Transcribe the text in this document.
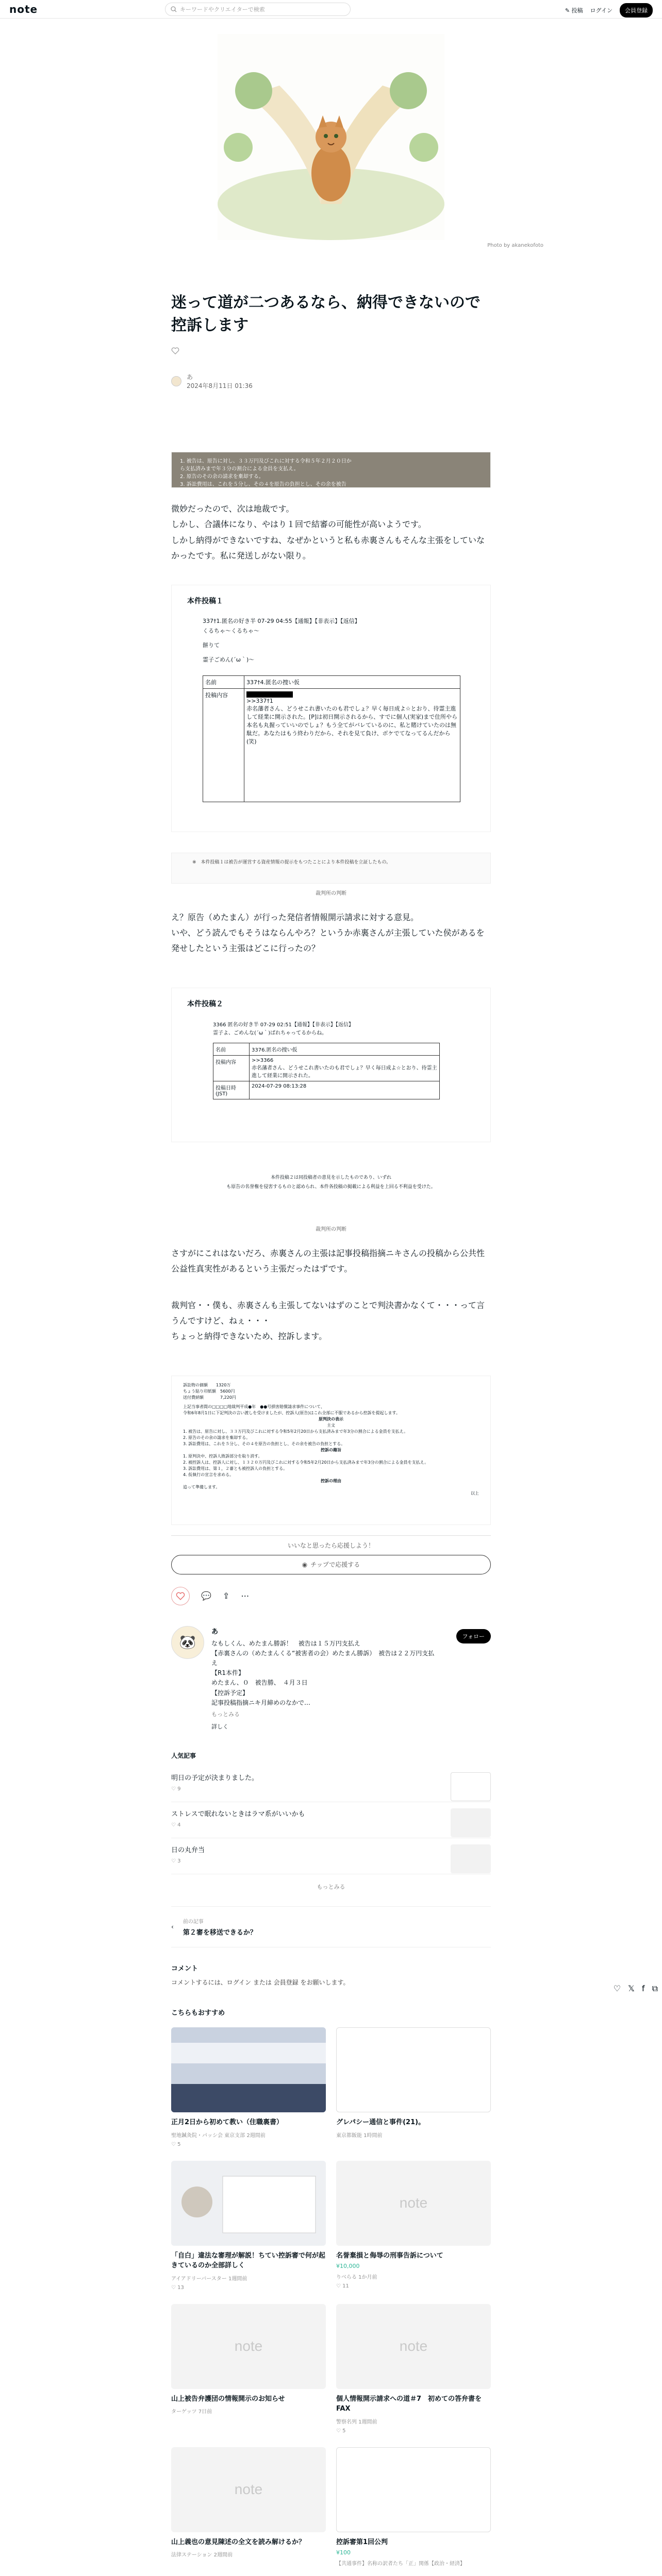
note	キーワードやクリエイターで検索	✎ 投稿 ログイン	会員登録
Photo by akanekofoto
迷って道が二つあるなら、納得できないので控訴します
あ
2024年8月11日 01:36
1. 被告は、原告に対し、３３万円及びこれに対する令和５年２月２０日か
ら支払済みまで年３分の割合による金員を支払え。
2. 原告のその余の請求を棄却する。
3. 訴訟費用は、これを５分し、その４を原告の負担とし、その余を被告

微妙だったので、次は地裁です。
しかし、合議体になり、やはり１回で結審の可能性が高いようです。
しかし納得ができないですね、なぜかというと私も赤裏さんもそんな主張をしていなかったです。私に発送しがない限り。

本件投稿１
337†1.匿名の好き半 07-29 04:55【通報】【非表示】【返信】
くるちゃ～くるちゃ～
餅りて
霊子ごめん(´ω｀)～
名前	337†4.匿名の捜い仮
投稿内容	>>337†1
赤名藩者さん、どうせこれ書いたのも君でしょ？早く毎日成よ☆とおり、待霊主進して経業に開示された。[P]は初日開示されるから、すでに個人(実家)まで住所やら本名も丸握っていいのでしょ？もう全てがバレているのに、私と賭けていたのは無駄だ。あなたはもう終わりだから、それを見て負け、ボケでてなってるんだから(笑)
※　本件投稿１は被告が運営する資産情報の提示をもつたことにより本件投稿を立証したもの。
裁判所の判断

え？原告（めたまん）が行った発信者情報開示請求に対する意見。
いや、どう読んでもそうはならんやろ？というか赤裏さんが主張していた侯があるを発せしたという主張はどこに行ったの？

本件投稿２
3366 匿名の好き半 07-29 02:51【通報】【非表示】【返信】
霊子よ、ごめんな(´ω｀)ばれちゃってるからね。
名前	3376.匿名の捜い仮
投稿内容	>>3366
赤名藩者さん、どうせこれ書いたのも君でしょ？早く毎日成よ☆とおり、待霊主進して経業に開示された。
投稿日時(JST)	2024-07-29 08:13:28
本件投稿２は同投稿者の意見を示したものであり、いずれ
も原告の名誉権を侵害するものと認められ、本件各投稿の掲載による利益を上回る不利益を受けた。
裁判所の判断

さすがにこれはないだろ、赤裏さんの主張は記事投稿指摘ニキさんの投稿から公共性公益性真実性があるという主張だったはずです。

裁判官・・僕も、赤裏さんも主張してないはずのことで判決書かなくて・・・って言うんですけど、ねぇ・・・
ちょっと納得できないため、控訴します。

訴訟物の価額　　1320万
ちょう貼り印紙額　5600円
送付費納額　　　　7,220円
上記当事者間の□□□□地裁判平成●年　●●号損害賠償請求事件について、
令和6年8月1日に下記判決の言い渡しを受けましたが、控訴人(原告)はこれ全部に不服であるから控訴を提起します。
原判決の表示
主文
1. 被告は、原告に対し、３３万円及びこれに対する令和5年2月20日から支払済みまで年3分の割合による金員を支払え。
2. 原告のその余の請求を棄却する。
3. 訴訟費用は、これを５分し、その４を原告の負担とし、その余を被告の負担とする。
控訴の趣旨
1. 原判決中、控訴人敗訴部分を取り消す。
2. 被控訴人は、控訴人に対し、１３２０万円及びこれに対する令和5年2月20日から支払済みまで年3分の割合による金員を支払え。
3. 訴訟費用は、第１，２審とも被控訴人の負担とする。
4. 仮執行の宣言を求める。
控訴の理由
追って準備します。
以上
いいなと思ったら応援しよう！
◉ チップで応援する
💬 ⇪ ⋯
🐼
あ
なもしくん、めたまん勝訴！　被告は１５万円支払え
【赤裏さんの（めたまんくる“被害者の会）めたまん勝訴）　被告は２２万円支払え
【R1本件】
めたまん、０　被告勝、　４月３日
【控訴予定】
記事投稿指摘ニキ月締めのなかで…
もっとみる
詳しく
フォロー
人気記事
明日の予定が決まりました。
♡ 9
ストレスで眠れないときはラマ系がいいかも
♡ 4
日の丸弁当
♡ 3
もっとみる
‹
前の記事
第２審を移送できるか？
コメント

コメントするには、ログイン または 会員登録 をお願いします。

こちらもおすすめ
正月2日から初めて教い（住職裏書）
聖地鍼灸院・パッシ会 東京支部 2週間前
♡ 5
グレパシー通信と事件(21)。
東京都飯能 1時間前
「自白」違法な審理が解説！ちてい控訴審で何が起きているのか全部詳しく
アイアドリーバースター 1週間前
♡ 13
note
名誉棄損と侮辱の刑事告訴について
¥10,000
りべらる 1か月前
♡ 11
note
山上被告弁護団の情報開示のお知らせ
ターゲッツ 7日前
note
個人情報開示請求への道＃7　初めての答弁書をFAX
警察名列 1週間前
♡ 5
note
山上義也の意見陳述の全文を読み解けるか？
法律ステーション 2週間前
控訴審第1回公判
¥100
【共通事件】名称の訳者たち「正」関係【政治・経済】
♡ 𝕏 f ⧉
